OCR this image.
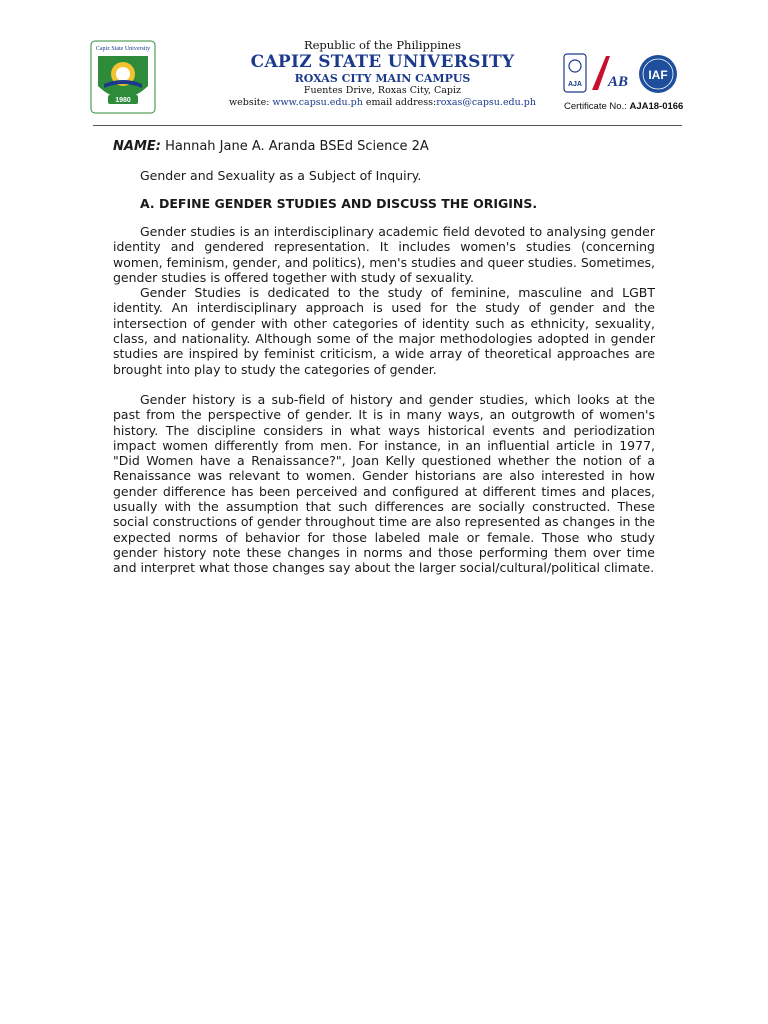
Capiz State University
1980
Republic of the Philippines
CAPIZ STATE UNIVERSITY
ROXAS CITY MAIN CAMPUS
Fuentes Drive, Roxas City, Capiz
website: www.capsu.edu.ph email address:roxas@capsu.edu.ph
AJA AB IAF
Certificate No.: AJA18-0166

NAME: Hannah Jane A. Aranda BSEd Science 2A

Gender and Sexuality as a Subject of Inquiry.

A. DEFINE GENDER STUDIES AND DISCUSS THE ORIGINS.

Gender studies is an interdisciplinary academic field devoted to analysing gender identity and gendered representation. It includes women's studies (concerning women, feminism, gender, and politics), men's studies and queer studies. Sometimes, gender studies is offered together with study of sexuality.

Gender Studies is dedicated to the study of feminine, masculine and LGBT identity. An interdisciplinary approach is used for the study of gender and the intersection of gender with other categories of identity such as ethnicity, sexuality, class, and nationality. Although some of the major methodologies adopted in gender studies are inspired by feminist criticism, a wide array of theoretical approaches are brought into play to study the categories of gender.

Gender history is a sub-field of history and gender studies, which looks at the past from the perspective of gender. It is in many ways, an outgrowth of women's history. The discipline considers in what ways historical events and periodization impact women differently from men. For instance, in an influential article in 1977, "Did Women have a Renaissance?", Joan Kelly questioned whether the notion of a Renaissance was relevant to women. Gender historians are also interested in how gender difference has been perceived and configured at different times and places, usually with the assumption that such differences are socially constructed. These social constructions of gender throughout time are also represented as changes in the expected norms of behavior for those labeled male or female. Those who study gender history note these changes in norms and those performing them over time and interpret what those changes say about the larger social/cultural/political climate.
